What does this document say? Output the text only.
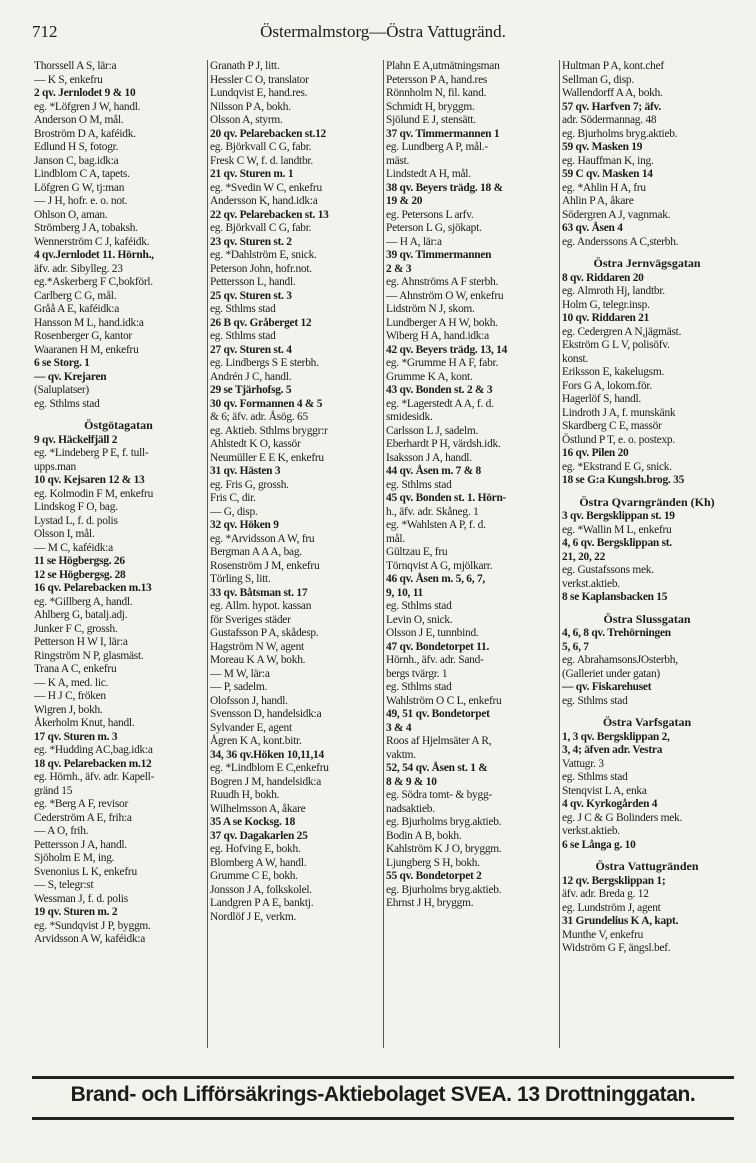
712	Östermalmstorg—Östra Vattugränd.
Thorssell A S, lär:a
— K S, enkefru
2 qv. Jernlodet 9 & 10
eg. *Löfgren J W, handl.
Anderson O M, mål.
Broström D A, kaféidk.
Edlund H S, fotogr.
Janson C, bag.idk:a
Lindblom C A, tapets.
Löfgren G W, tj:man
— J H, hofr. e. o. not.
Ohlson O, aman.
Strömberg J A, tobaksh.
Wennerström C J, kaféidk.
4 qv.Jernlodet 11. Hörnh.,
äfv. adr. Sibylleg. 23
eg.*Askerberg F C,bokförl.
Carlberg C G, mål.
Gråå A E, kaféidk:a
Hansson M L, hand.idk:a
Rosenberger G, kantor
Waaranen H M, enkefru
6 se Storg. 1
— qv. Krejaren
(Saluplatser)
eg. Sthlms stad
Östgötagatan
9 qv. Häckelfjäll 2
eg. *Lindeberg P E, f. tull-
upps.man
10 qv. Kejsaren 12 & 13
eg. Kolmodin F M, enkefru
Lindskog F O, bag.
Lystad L, f. d. polis
Olsson I, mål.
— M C, kaféidk:a
11 se Högbergsg. 26
12 se Högbergsg. 28
16 qv. Pelarebacken m.13
eg. *Gillberg A, handl.
Ahlberg G, batalj.adj.
Junker F C, grossh.
Petterson H W I, lär:a
Ringström N P, glasmäst.
Trana A C, enkefru
— K A, med. lic.
— H J C, fröken
Wigren J, bokh.
Åkerholm Knut, handl.
17 qv. Sturen m. 3
eg. *Hudding AC,bag.idk:a
18 qv. Pelarebacken m.12
eg. Hörnh., äfv. adr. Kapell-
gränd 15
eg. *Berg A F, revisor
Cederström A E, frih:a
— A O, frih.
Pettersson J A, handl.
Sjöholm E M, ing.
Svenonius L K, enkefru
— S, telegr:st
Wessman J, f. d. polis
19 qv. Sturen m. 2
eg. *Sundqvist J P, byggm.
Arvidsson A W, kaféidk:a
Granath P J, litt.
Hessler C O, translator
Lundqvist E, hand.res.
Nilsson P A, bokh.
Olsson A, styrm.
20 qv. Pelarebacken st.12
eg. Björkvall C G, fabr.
Fresk C W, f. d. landtbr.
21 qv. Sturen m. 1
eg. *Svedin W C, enkefru
Andersson K, hand.idk:a
22 qv. Pelarebacken st. 13
eg. Björkvall C G, fabr.
23 qv. Sturen st. 2
eg. *Dahlström E, snick.
Peterson John, hofr.not.
Pettersson L, handl.
25 qv. Sturen st. 3
eg. Sthlms stad
26 B qv. Gråberget 12
eg. Sthlms stad
27 qv. Sturen st. 4
eg. Lindbergs S E sterbh.
Andrén J C, handl.
29 se Tjärhofsg. 5
30 qv. Formannen 4 & 5
& 6; äfv. adr. Åsög. 65
eg. Aktieb. Sthlms bryggr:r
Ahlstedt K O, kassör
Neumüller E E K, enkefru
31 qv. Hästen 3
eg. Fris G, grossh.
Fris C, dir.
— G, disp.
32 qv. Höken 9
eg. *Arvidsson A W, fru
Bergman A A A, bag.
Rosenström J M, enkefru
Törling S, litt.
33 qv. Båtsman st. 17
eg. Allm. hypot. kassan
för Sveriges städer
Gustafsson P A, skådesp.
Hagström N W, agent
Moreau K A W, bokh.
— M W, lär:a
— P, sadelm.
Olofsson J, handl.
Svensson D, handelsidk:a
Sylvander E, agent
Ågren K A, kont.bitr.
34, 36 qv.Höken 10,11,14
eg. *Lindblom E C,enkefru
Bogren J M, handelsidk:a
Ruudh H, bokh.
Wilhelmsson A, åkare
35 A se Kocksg. 18
37 qv. Dagakarlen 25
eg. Hofving E, bokh.
Blomberg A W, handl.
Grumme C E, bokh.
Jonsson J A, folkskolel.
Landgren P A E, banktj.
Nordlöf J E, verkm.
Plahn E A,utmätningsman
Petersson P A, hand.res
Rönnholm N, fil. kand.
Schmidt H, bryggm.
Sjölund E J, stensätt.
37 qv. Timmermannen 1
eg. Lundberg A P, mål.-
mäst.
Lindstedt A H, mål.
38 qv. Beyers trädg. 18 &
19 & 20
eg. Petersons L arfv.
Peterson L G, sjökapt.
— H A, lär:a
39 qv. Timmermannen
2 & 3
eg. Ahnströms A F sterbh.
— Ahnström O W, enkefru
Lidström N J, skom.
Lundberger A H W, bokh.
Wiberg H A, hand.idk:a
42 qv. Beyers trädg. 13, 14
eg. *Grumme H A F, fabr.
Grumme K A, kont.
43 qv. Bonden st. 2 & 3
eg. *Lagerstedt A A, f. d.
smidesidk.
Carlsson L J, sadelm.
Eberhardt P H, värdsh.idk.
Isaksson J A, handl.
44 qv. Åsen m. 7 & 8
eg. Sthlms stad
45 qv. Bonden st. 1. Hörn-
h., äfv. adr. Skåneg. 1
eg. *Wahlsten A P, f. d.
mål.
Gültzau E, fru
Törnqvist A G, mjölkarr.
46 qv. Åsen m. 5, 6, 7,
9, 10, 11
eg. Sthlms stad
Levin O, snick.
Olsson J E, tunnbind.
47 qv. Bondetorpet 11.
Hörnh., äfv. adr. Sand-
bergs tvärgr. 1
eg. Sthlms stad
Wahlström O C L, enkefru
49, 51 qv. Bondetorpet
3 & 4
Roos af Hjelmsäter A R,
vaktm.
52, 54 qv. Åsen st. 1 &
8 & 9 & 10
eg. Södra tomt- & bygg-
nadsaktieb.
eg. Bjurholms bryg.aktieb.
Bodin A B, bokh.
Kahlström K J O, bryggm.
Ljungberg S H, bokh.
55 qv. Bondetorpet 2
eg. Bjurholms bryg.aktieb.
Ehrnst J H, bryggm.
Hultman P A, kont.chef
Sellman G, disp.
Wallendorff A A, bokh.
57 qv. Harfven 7; äfv.
adr. Södermannag. 48
eg. Bjurholms bryg.aktieb.
59 qv. Masken 19
eg. Hauffman K, ing.
59 C qv. Masken 14
eg. *Ahlin H A, fru
Ahlin P A, åkare
Södergren A J, vagnmak.
63 qv. Åsen 4
eg. Anderssons A C,sterbh.
Östra Jernvägsgatan
8 qv. Riddaren 20
eg. Almroth Hj, landtbr.
Holm G, telegr.insp.
10 qv. Riddaren 21
eg. Cedergren A N,jägmäst.
Ekström G L V, polisöfv.
konst.
Eriksson E, kakelugsm.
Fors G A, lokom.för.
Hagerlöf S, handl.
Lindroth J A, f. munskänk
Skardberg C E, massör
Östlund P T, e. o. postexp.
16 qv. Pilen 20
eg. *Ekstrand E G, snick.
18 se G:a Kungsh.brog. 35
Östra Qvarngränden (Kh)
3 qv. Bergsklippan st. 19
eg. *Wallin M L, enkefru
4, 6 qv. Bergsklippan st.
21, 20, 22
eg. Gustafssons mek.
verkst.aktieb.
8 se Kaplansbacken 15
Östra Slussgatan
4, 6, 8 qv. Trehörningen
5, 6, 7
eg. AbrahamsonsJOsterbh,
(Galleriet under gatan)
— qv. Fiskarehuset
eg. Sthlms stad
Östra Varfsgatan
1, 3 qv. Bergsklippan 2,
3, 4; äfven adr. Vestra
Vattugr. 3
eg. Sthlms stad
Stenqvist L A, enka
4 qv. Kyrkogården 4
eg. J C & G Bolinders mek.
verkst.aktieb.
6 se Långa g. 10
Östra Vattugränden
12 qv. Bergsklippan 1;
äfv. adr. Breda g. 12
eg. Lundström J, agent
31 Grundelius K A, kapt.
Munthe V, enkefru
Widström G F, ängsl.bef.
Brand- och Lifförsäkrings-Aktiebolaget SVEA. 13 Drottninggatan.
